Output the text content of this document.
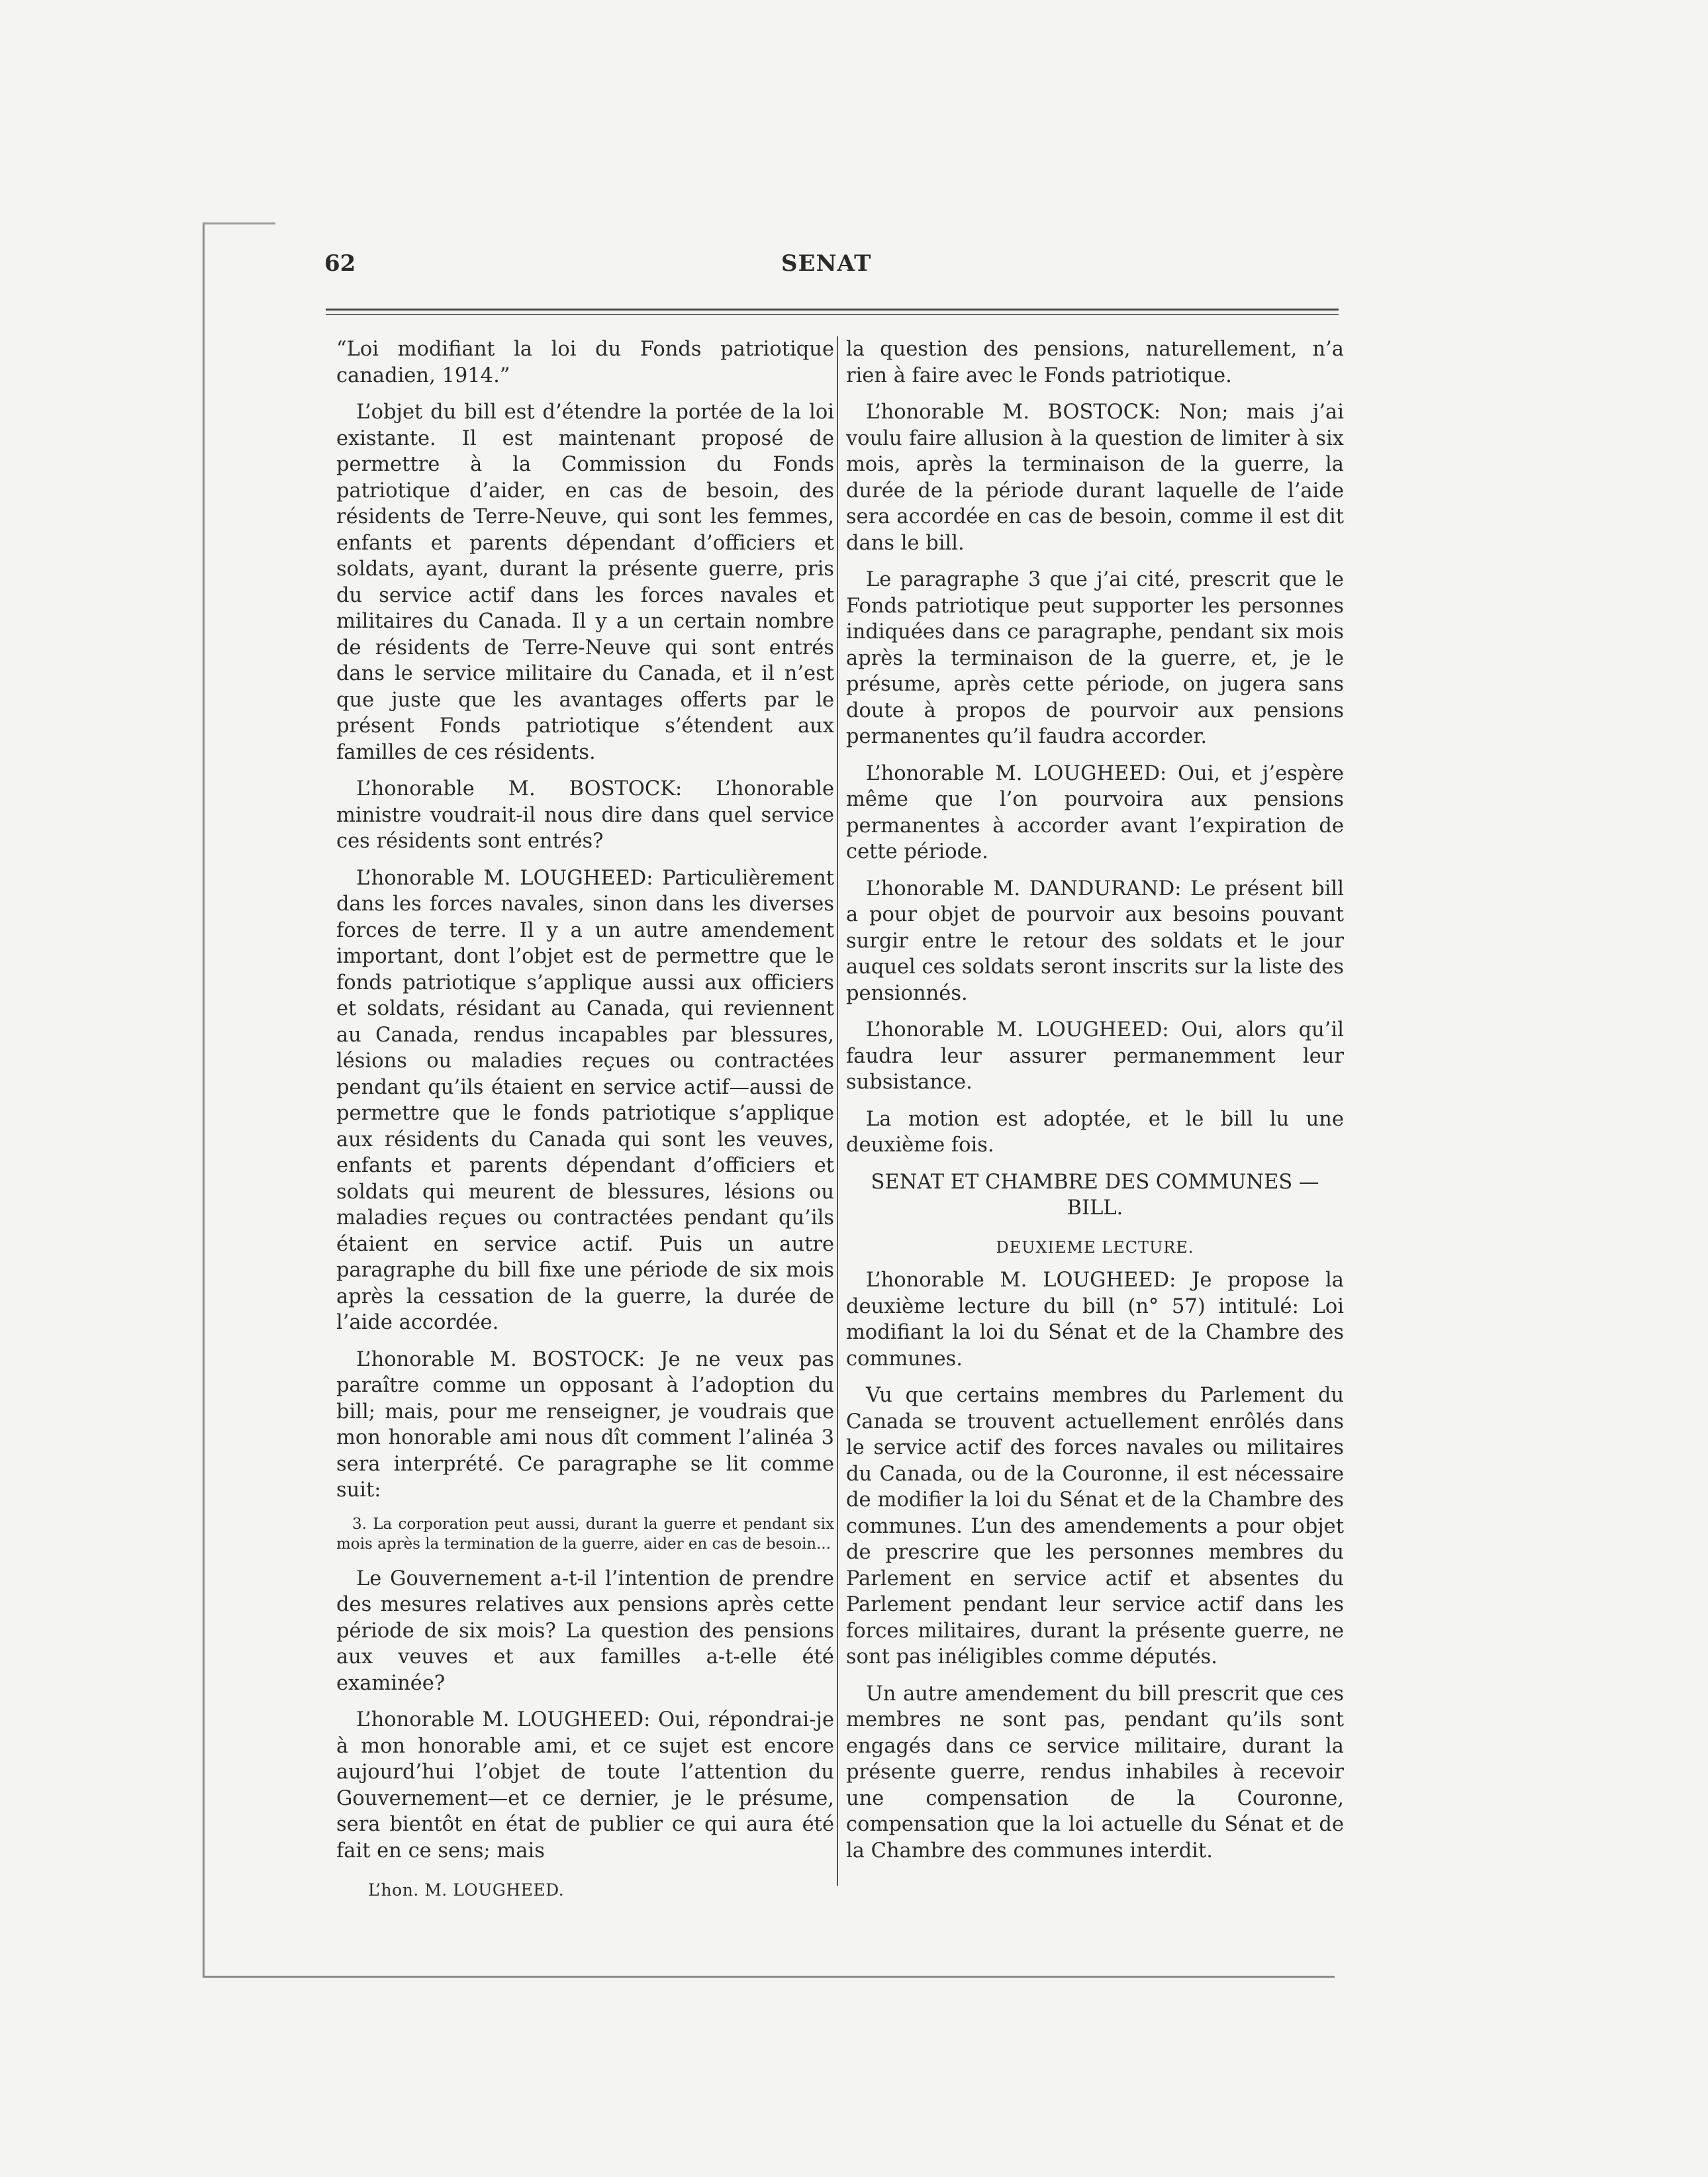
62	SENAT

“Loi modifiant la loi du Fonds patriotique canadien, 1914.”

L’objet du bill est d’étendre la portée de la loi existante. Il est maintenant proposé de permettre à la Commission du Fonds patriotique d’aider, en cas de besoin, des résidents de Terre-Neuve, qui sont les femmes, enfants et parents dépendant d’officiers et soldats, ayant, durant la présente guerre, pris du service actif dans les forces navales et militaires du Canada. Il y a un certain nombre de résidents de Terre-Neuve qui sont entrés dans le service militaire du Canada, et il n’est que juste que les avantages offerts par le présent Fonds patriotique s’étendent aux familles de ces résidents.

L’honorable M. BOSTOCK: L’honorable ministre voudrait-il nous dire dans quel service ces résidents sont entrés?

L’honorable M. LOUGHEED: Particulièrement dans les forces navales, sinon dans les diverses forces de terre. Il y a un autre amendement important, dont l’objet est de permettre que le fonds patriotique s’applique aussi aux officiers et soldats, résidant au Canada, qui reviennent au Canada, rendus incapables par blessures, lésions ou maladies reçues ou contractées pendant qu’ils étaient en service actif—aussi de permettre que le fonds patriotique s’applique aux résidents du Canada qui sont les veuves, enfants et parents dépendant d’officiers et soldats qui meurent de blessures, lésions ou maladies reçues ou contractées pendant qu’ils étaient en service actif. Puis un autre paragraphe du bill fixe une période de six mois après la cessation de la guerre, la durée de l’aide accordée.

L’honorable M. BOSTOCK: Je ne veux pas paraître comme un opposant à l’adoption du bill; mais, pour me renseigner, je voudrais que mon honorable ami nous dît comment l’alinéa 3 sera interprété. Ce paragraphe se lit comme suit:

3. La corporation peut aussi, durant la guerre et pendant six mois après la termination de la guerre, aider en cas de besoin...

Le Gouvernement a-t-il l’intention de prendre des mesures relatives aux pensions après cette période de six mois? La question des pensions aux veuves et aux familles a-t-elle été examinée?

L’honorable M. LOUGHEED: Oui, répondrai-je à mon honorable ami, et ce sujet est encore aujourd’hui l’objet de toute l’attention du Gouvernement—et ce dernier, je le présume, sera bientôt en état de publier ce qui aura été fait en ce sens; mais

la question des pensions, naturellement, n’a rien à faire avec le Fonds patriotique.

L’honorable M. BOSTOCK: Non; mais j’ai voulu faire allusion à la question de limiter à six mois, après la terminaison de la guerre, la durée de la période durant laquelle de l’aide sera accordée en cas de besoin, comme il est dit dans le bill.

Le paragraphe 3 que j’ai cité, prescrit que le Fonds patriotique peut supporter les personnes indiquées dans ce paragraphe, pendant six mois après la terminaison de la guerre, et, je le présume, après cette période, on jugera sans doute à propos de pourvoir aux pensions permanentes qu’il faudra accorder.

L’honorable M. LOUGHEED: Oui, et j’espère même que l’on pourvoira aux pensions permanentes à accorder avant l’expiration de cette période.

L’honorable M. DANDURAND: Le présent bill a pour objet de pourvoir aux besoins pouvant surgir entre le retour des soldats et le jour auquel ces soldats seront inscrits sur la liste des pensionnés.

L’honorable M. LOUGHEED: Oui, alors qu’il faudra leur assurer permanemment leur subsistance.

La motion est adoptée, et le bill lu une deuxième fois.

SENAT ET CHAMBRE DES COMMUNES —BILL.
DEUXIEME LECTURE.

L’honorable M. LOUGHEED: Je propose la deuxième lecture du bill (n° 57) intitulé: Loi modifiant la loi du Sénat et de la Chambre des communes.

Vu que certains membres du Parlement du Canada se trouvent actuellement enrôlés dans le service actif des forces navales ou militaires du Canada, ou de la Couronne, il est nécessaire de modifier la loi du Sénat et de la Chambre des communes. L’un des amendements a pour objet de prescrire que les personnes membres du Parlement en service actif et absentes du Parlement pendant leur service actif dans les forces militaires, durant la présente guerre, ne sont pas inéligibles comme députés.

Un autre amendement du bill prescrit que ces membres ne sont pas, pendant qu’ils sont engagés dans ce service militaire, durant la présente guerre, rendus inhabiles à recevoir une compensation de la Couronne, compensation que la loi actuelle du Sénat et de la Chambre des communes interdit.

L’hon. M. LOUGHEED.
